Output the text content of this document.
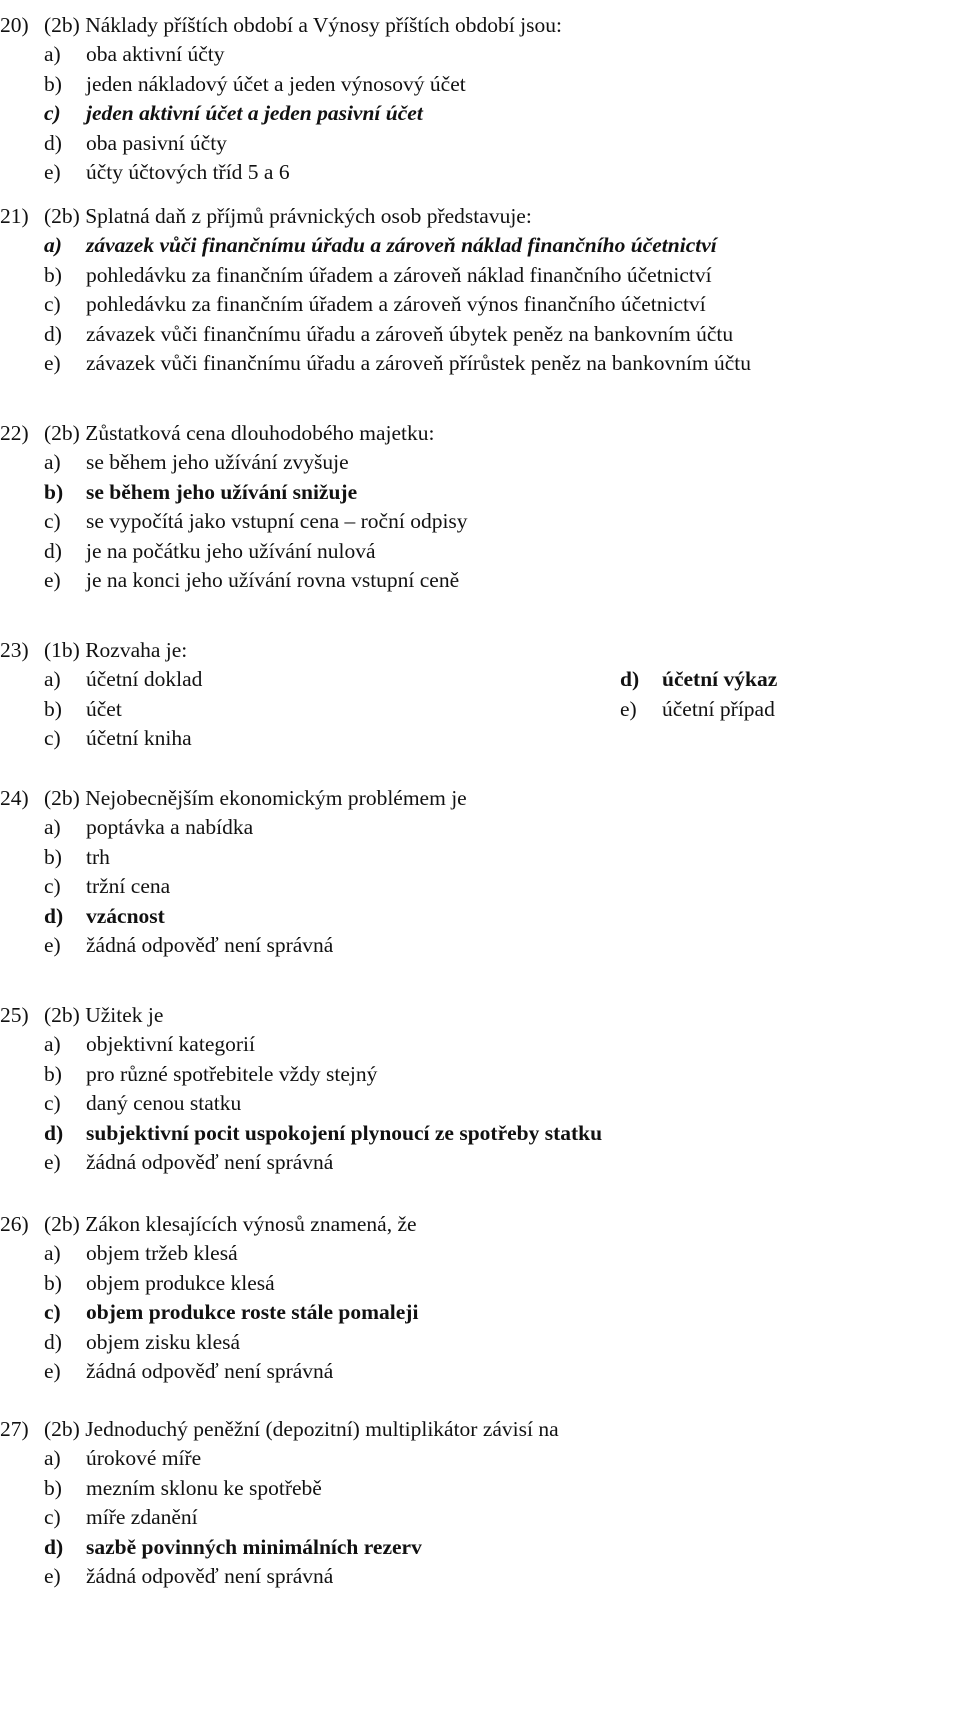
20) (2b) Náklady příštích období a Výnosy příštích období jsou:
a) oba aktivní účty
b) jeden nákladový účet a jeden výnosový účet
c) jeden aktivní účet a jeden pasivní účet
d) oba pasivní účty
e) účty účtových tříd 5 a 6
21) (2b) Splatná daň z příjmů právnických osob představuje:
a) závazek vůči finančnímu úřadu a zároveň náklad finančního účetnictví
b) pohledávku za finančním úřadem a zároveň náklad finančního účetnictví
c) pohledávku za finančním úřadem a zároveň výnos finančního účetnictví
d) závazek vůči finančnímu úřadu a zároveň úbytek peněz na bankovním účtu
e) závazek vůči finančnímu úřadu a zároveň přírůstek peněz na bankovním účtu
22) (2b) Zůstatková cena dlouhodobého majetku:
a) se během jeho užívání zvyšuje
b) se během jeho užívání snižuje
c) se vypočítá jako vstupní cena – roční odpisy
d) je na počátku jeho užívání nulová
e) je na konci jeho užívání rovna vstupní ceně
23) (1b) Rozvaha je:
a) účetní doklad
b) účet
c) účetní kniha
d) účetní výkaz
e) účetní případ
24) (2b) Nejobecnějším ekonomickým problémem je
a) poptávka a nabídka
b) trh
c) tržní cena
d) vzácnost
e) žádná odpověď není správná
25) (2b) Užitek je
a) objektivní kategorií
b) pro různé spotřebitele vždy stejný
c) daný cenou statku
d) subjektivní pocit uspokojení plynoucí ze spotřeby statku
e) žádná odpověď není správná
26) (2b) Zákon klesajících výnosů znamená, že
a) objem tržeb klesá
b) objem produkce klesá
c) objem produkce roste stále pomaleji
d) objem zisku klesá
e) žádná odpověď není správná
27) (2b) Jednoduchý peněžní (depozitní) multiplikátor závisí na
a) úrokové míře
b) mezním sklonu ke spotřebě
c) míře zdanění
d) sazbě povinných minimálních rezerv
e) žádná odpověď není správná
